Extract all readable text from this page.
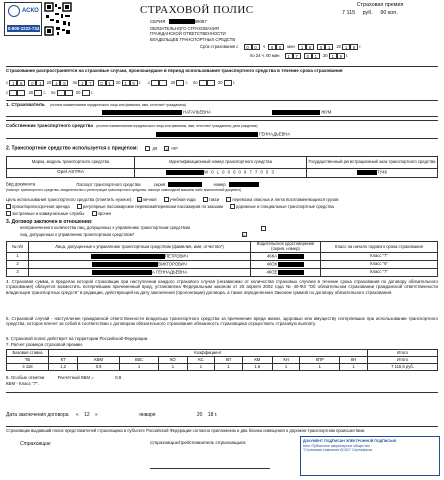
АСКО
8-800-2222-734
СТРАХОВОЙ ПОЛИС
СЕРИЯ	99087
ОБЯЗАТЕЛЬНОГО СТРАХОВАНИЯ
ГРАЖДАНСКОЙ ОТВЕТСТВЕННОСТИ
ВЛАДЕЛЬЦЕВ ТРАНСПОРТНЫХ СРЕДСТВ
Страховая премия
7 115 руб. 90 коп.
Срок страхования с 0 0 ч 0 0 мин 1 8 0 1 20 1 8 г.
по 24 ч. 00 мин 1 7 0 1 20 1 9 г.
Страхование распространяется на страховые случаи, произошедшие в период использования транспортного средства в течение срока страхования
с 1 8 0 1 20 1 8 по 1 7 0 1 20 1 9 г. с	20 г. по	20 г.
с	20 г. по	20 г.
1. Страхователь (полное наименование юридического лица или фамилия, имя, отчество* гражданина)
НАТАЛЬЕВНА	ЖУМ
Собственник транспортного средства (полное наименование юридического лица или фамилия, имя, отчество* гражданина, дата рождения)
ГЕННАДЬЕВНА
2. Транспортное средство используется с прицепом:	да X нет
Марка, модель транспортного средства	Идентификационный номер транспортного средства	Государственный регистрационный знак транспортного средства
Opel ASTRA	W 0 L 0 0 0 0 9 7 7 0 5 3	ТУ46
Вид документа	Паспорт транспортного средства	серия	номер
(паспорт транспортного средства, свидетельство о регистрации транспортного средства, паспорт самоходной машины либо аналогичный документ)
Цель использования транспортного средства (отметить нужное): X личная	учебная езда	такси	перевозка опасных и легко воспламеняющихся грузов
прокат/краткосрочная аренда	регулярные пассажирские перевозки/перевозки пассажиров по заказам	дорожные и специальные транспортные средства
экстренные и коммунальные службы	прочее
3. Договор заключен в отношении:
неограниченного количества лиц, допущенных к управлению транспортным средством
лиц, допущенных к управлению транспортным средством*	X
№ п/п	Лица, допущенные к управлению транспортным средством (фамилия, имя, отчество*)	Водительское удостоверение (серия, номер)	Класс на начало годового срока страхования
1	ПЕТРОВИЧ	46КА	Класс "7"
2	ВИКТОРОВИЧ	46ОК	Класс "6"
3	А ГЕННАДЬЕВНА	46ОЕ	Класс "7"
4. Страховая сумма, в пределах которой страховщик при наступлении каждого страхового случая (независимо от количества страховых случаев в течение срока страхования по договору обязательного страхования) обязуется возместить потерпевшим причиненный вред, установлена Федеральным законом от 25 апреля 2002 года № 40-ФЗ "Об обязательном страховании гражданской ответственности владельцев транспортных средств" в редакции, действующей на дату заключения (пролонгации) договора, а также определенная Законом суммой по договору обязательного страхования.
5. Страховой случай - наступление гражданской ответственности владельца транспортного средства за причинение вреда жизни, здоровью или имуществу потерпевших при использовании транспортного средства, которое влечет за собой в соответствии с договором обязательного страхования обязанность страховщика осуществить страховую выплату.
6. Страховой полис действует на территории Российской Федерации.
7. Расчет размера страховой премии.
Базовая ставка	Коэффициент										Итого
ТБ	КТ	КБМ	КВС	КО	КС	КП	КМ	КН	КПР	КН	Итого
4 118	1,2	0,9	1	1	1	1	1,6	1	1	1	7 115,9 руб.
8. Особые отметки	Расчётный КБМ =	0,9
КБМ - Класс "7".
Дата заключения договора « 12 »	января	20 18 г.
Страховщик выдавший полис представителей страховщика в субъекте Российской Федерации согласно приложению и два бланка извещения о дорожно-транспортном происшествии.
Страховщик	Страховщик/представитель страховщика:	ДОКУМЕНТ ПОДПИСАН ЭЛЕКТРОННОЙ ПОДПИСЬЮ
Кем: Публичное акционерное общество
"Страховая компания АСКО" Сертификат
